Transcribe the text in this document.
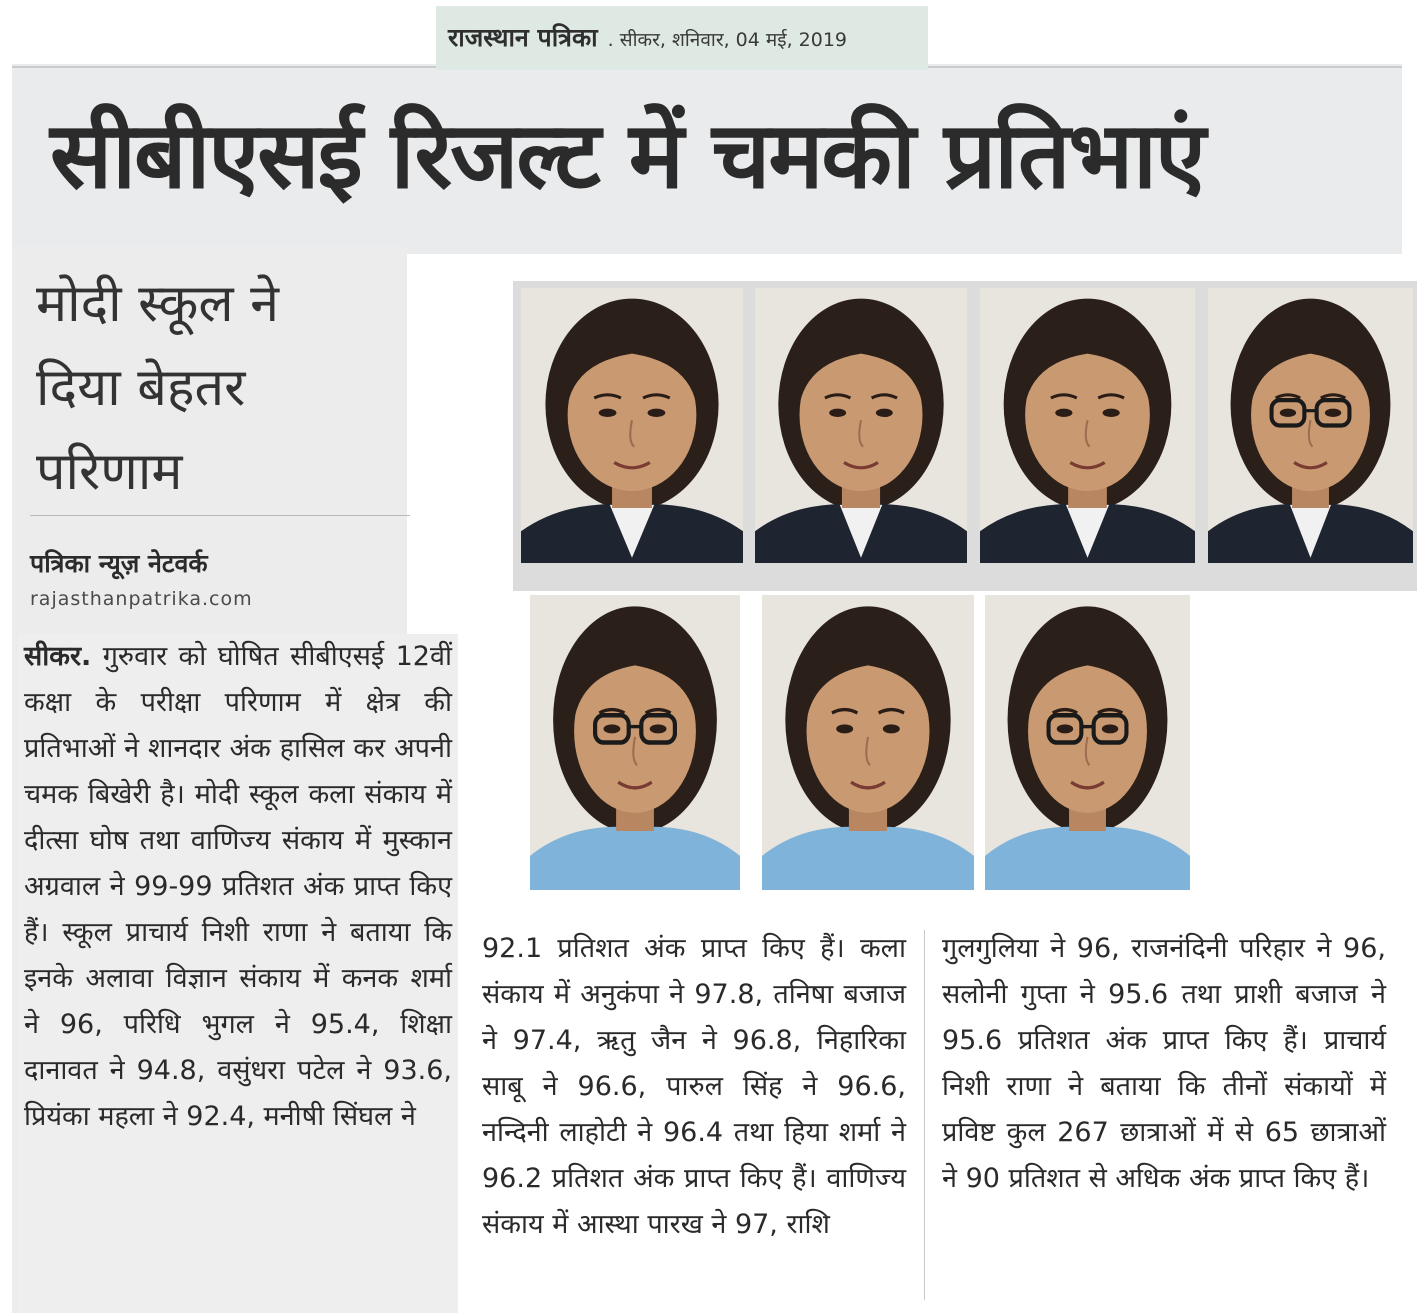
राजस्थान पत्रिका . सीकर, शनिवार, 04 मई, 2019
सीबीएसई रिजल्ट में चमकी प्रतिभाएं
मोदी स्कूल ने
दिया बेहतर
परिणाम
पत्रिका न्यूज़ नेटवर्क
rajasthanpatrika.com
सीकर. गुरुवार को घोषित सीबीएसई 12वीं कक्षा के परीक्षा परिणाम में क्षेत्र की प्रतिभाओं ने शानदार अंक हासिल कर अपनी चमक बिखेरी है। मोदी स्कूल कला संकाय में दीत्सा घोष तथा वाणिज्य संकाय में मुस्कान अग्रवाल ने 99-99 प्रतिशत अंक प्राप्त किए हैं। स्कूल प्राचार्य निशी राणा ने बताया कि इनके अलावा विज्ञान संकाय में कनक शर्मा ने 96, परिधि भुगल ने 95.4, शिक्षा दानावत ने 94.8, वसुंधरा पटेल ने 93.6, प्रियंका महला ने 92.4, मनीषी सिंघल ने
92.1 प्रतिशत अंक प्राप्त किए हैं। कला संकाय में अनुकंपा ने 97.8, तनिषा बजाज ने 97.4, ऋतु जैन ने 96.8, निहारिका साबू ने 96.6, पारुल सिंह ने 96.6, नन्दिनी लाहोटी ने 96.4 तथा हिया शर्मा ने 96.2 प्रतिशत अंक प्राप्त किए हैं। वाणिज्य संकाय में आस्था पारख ने 97, राशि
गुलगुलिया ने 96, राजनंदिनी परिहार ने 96, सलोनी गुप्ता ने 95.6 तथा प्राशी बजाज ने 95.6 प्रतिशत अंक प्राप्त किए हैं। प्राचार्य निशी राणा ने बताया कि तीनों संकायों में प्रविष्ट कुल 267 छात्राओं में से 65 छात्राओं ने 90 प्रतिशत से अधिक अंक प्राप्त किए हैं।
